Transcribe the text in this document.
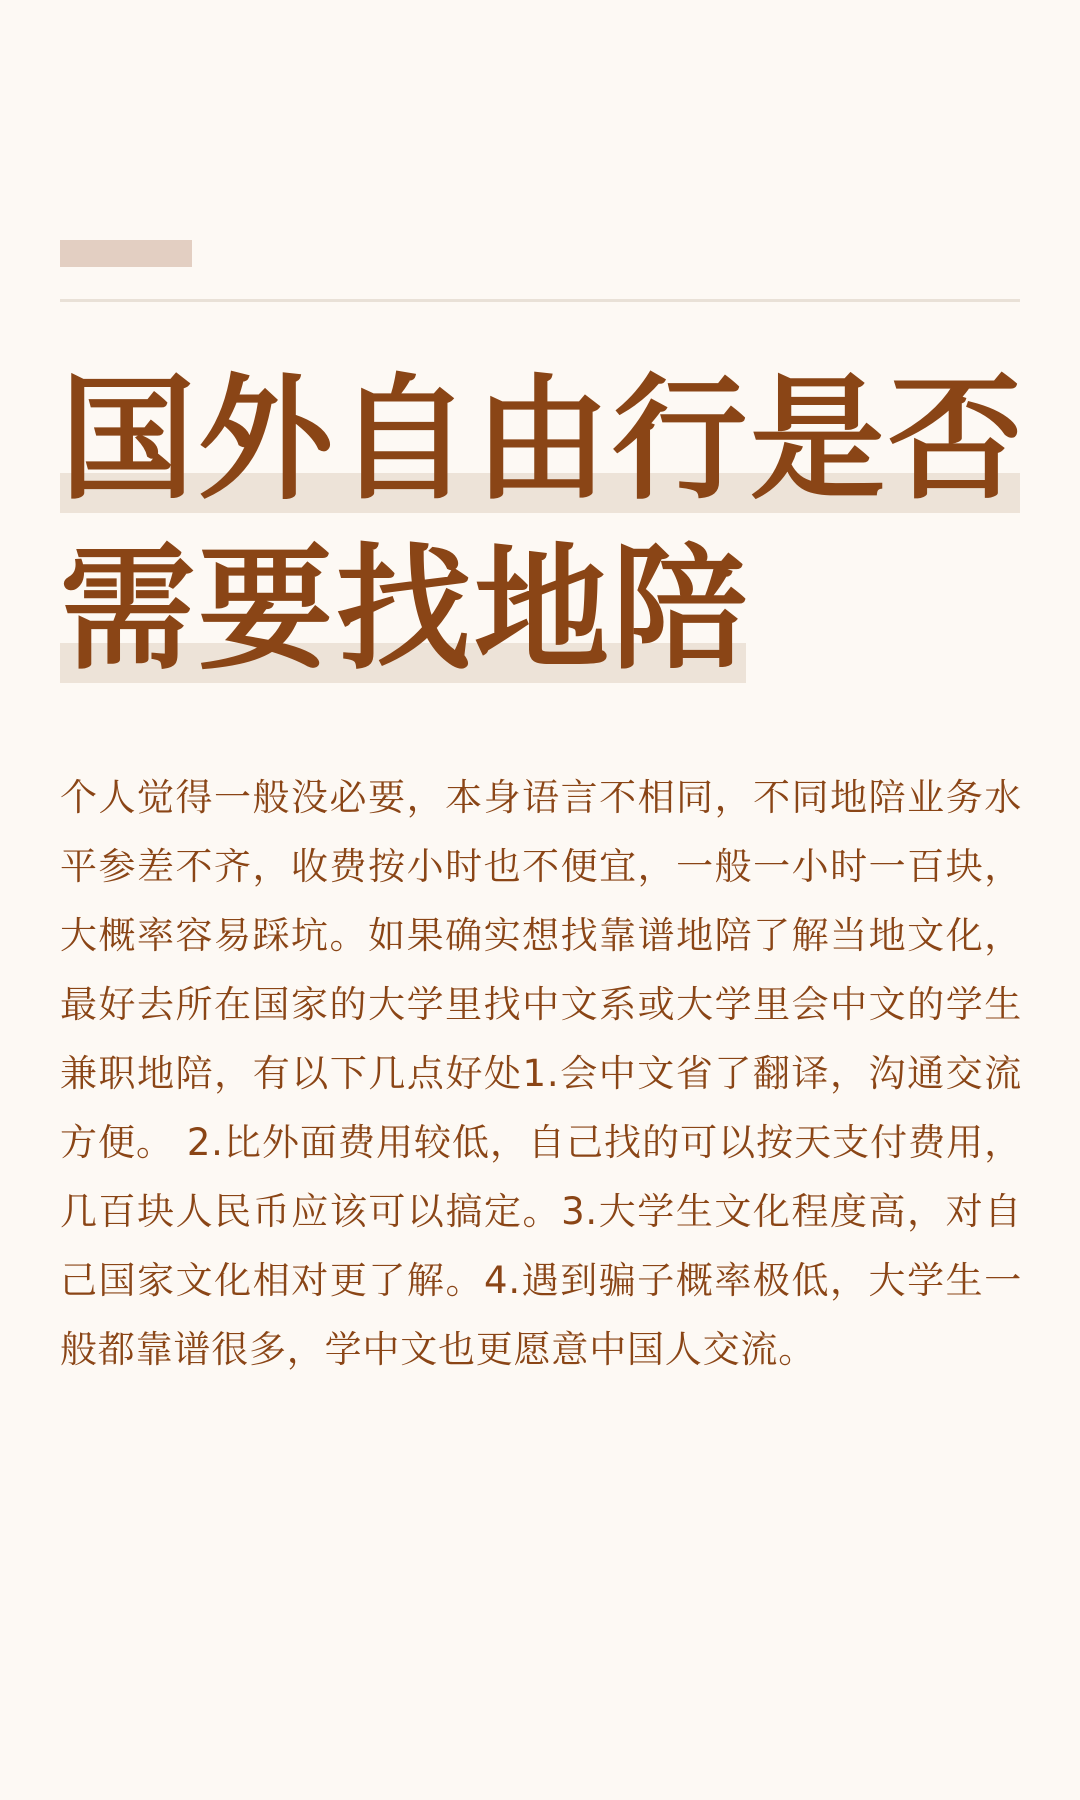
国外自由行是否
需要找地陪

个人觉得一般没必要，本身语言不相同，不同地陪业务水平参差不齐，收费按小时也不便宜，一般一小时一百块，大概率容易踩坑。如果确实想找靠谱地陪了解当地文化，最好去所在国家的大学里找中文系或大学里会中文的学生兼职地陪，有以下几点好处1.会中文省了翻译，沟通交流方便。 2.比外面费用较低，自己找的可以按天支付费用，几百块人民币应该可以搞定。3.大学生文化程度高，对自己国家文化相对更了解。4.遇到骗子概率极低，大学生一般都靠谱很多，学中文也更愿意中国人交流。
